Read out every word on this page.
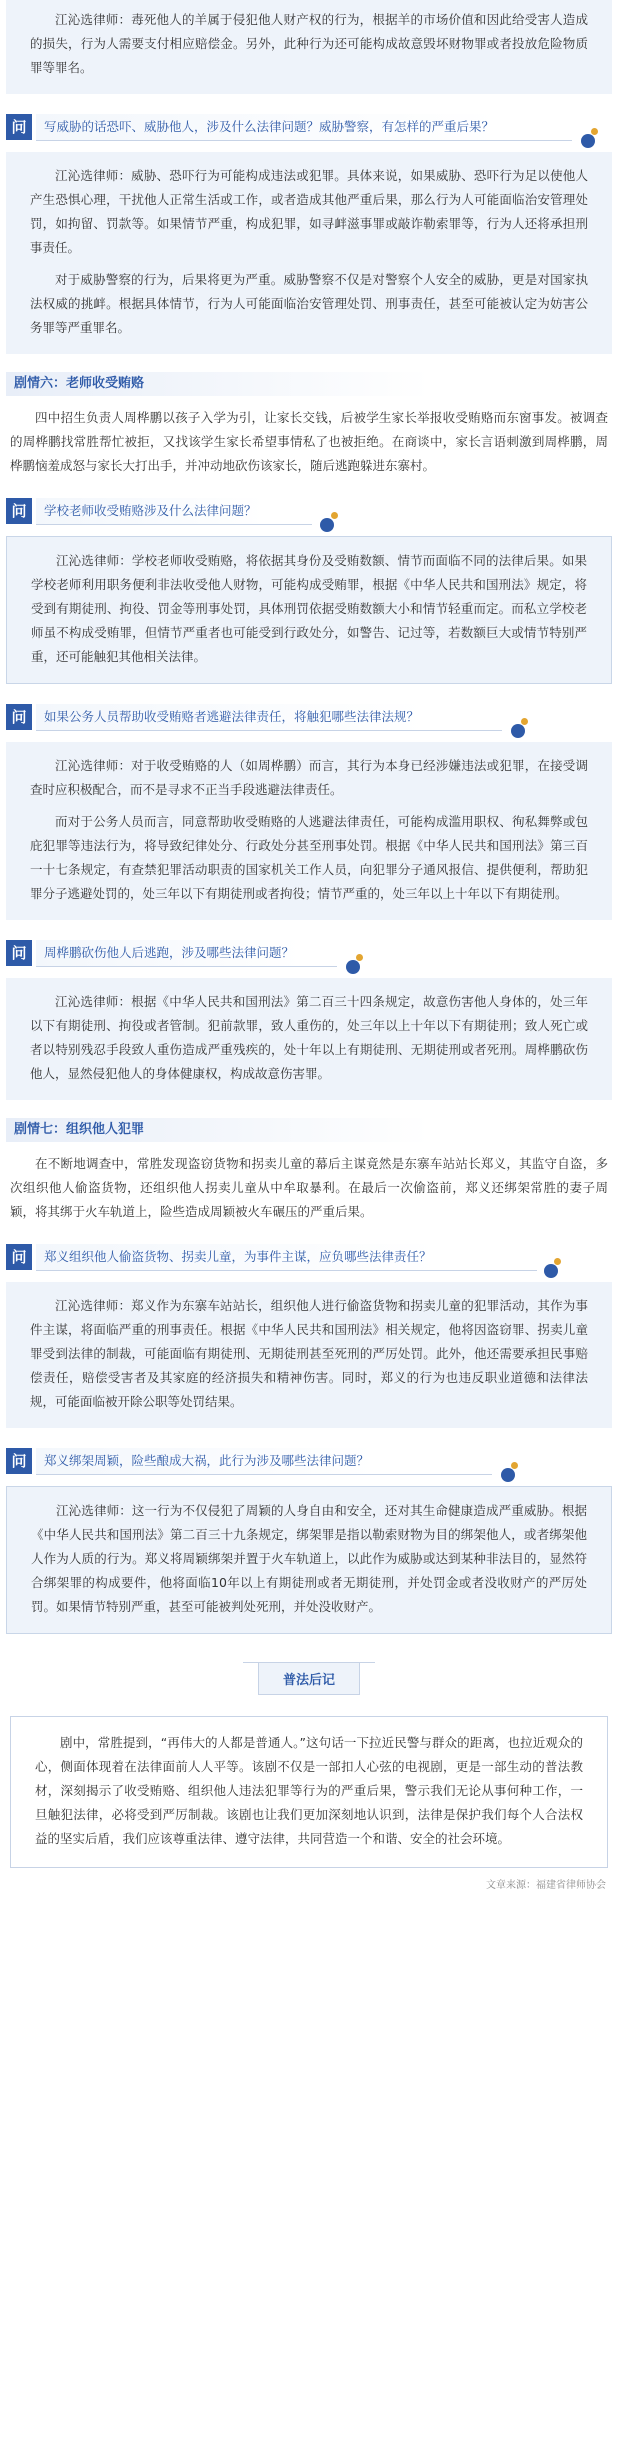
江沁选律师：毒死他人的羊属于侵犯他人财产权的行为，根据羊的市场价值和因此给受害人造成的损失，行为人需要支付相应赔偿金。另外，此种行为还可能构成故意毁坏财物罪或者投放危险物质罪等罪名。

问	写威胁的话恐吓、威胁他人，涉及什么法律问题？威胁警察，有怎样的严重后果？

江沁选律师：威胁、恐吓行为可能构成违法或犯罪。具体来说，如果威胁、恐吓行为足以使他人产生恐惧心理，干扰他人正常生活或工作，或者造成其他严重后果，那么行为人可能面临治安管理处罚，如拘留、罚款等。如果情节严重，构成犯罪，如寻衅滋事罪或敲诈勒索罪等，行为人还将承担刑事责任。

对于威胁警察的行为，后果将更为严重。威胁警察不仅是对警察个人安全的威胁，更是对国家执法权威的挑衅。根据具体情节，行为人可能面临治安管理处罚、刑事责任，甚至可能被认定为妨害公务罪等严重罪名。

剧情六：老师收受贿赂

四中招生负责人周桦鹏以孩子入学为引，让家长交钱，后被学生家长举报收受贿赂而东窗事发。被调查的周桦鹏找常胜帮忙被拒，又找该学生家长希望事情私了也被拒绝。在商谈中，家长言语刺激到周桦鹏，周桦鹏恼羞成怒与家长大打出手，并冲动地砍伤该家长，随后逃跑躲进东寨村。

问	学校老师收受贿赂涉及什么法律问题？

江沁选律师：学校老师收受贿赂，将依据其身份及受贿数额、情节而面临不同的法律后果。如果学校老师利用职务便利非法收受他人财物，可能构成受贿罪，根据《中华人民共和国刑法》规定，将受到有期徒刑、拘役、罚金等刑事处罚，具体刑罚依据受贿数额大小和情节轻重而定。而私立学校老师虽不构成受贿罪，但情节严重者也可能受到行政处分，如警告、记过等，若数额巨大或情节特别严重，还可能触犯其他相关法律。

问	如果公务人员帮助收受贿赂者逃避法律责任，将触犯哪些法律法规？

江沁选律师：对于收受贿赂的人（如周桦鹏）而言，其行为本身已经涉嫌违法或犯罪，在接受调查时应积极配合，而不是寻求不正当手段逃避法律责任。

而对于公务人员而言，同意帮助收受贿赂的人逃避法律责任，可能构成滥用职权、徇私舞弊或包庇犯罪等违法行为，将导致纪律处分、行政处分甚至刑事处罚。根据《中华人民共和国刑法》第三百一十七条规定，有查禁犯罪活动职责的国家机关工作人员，向犯罪分子通风报信、提供便利，帮助犯罪分子逃避处罚的，处三年以下有期徒刑或者拘役；情节严重的，处三年以上十年以下有期徒刑。

问	周桦鹏砍伤他人后逃跑，涉及哪些法律问题？

江沁选律师：根据《中华人民共和国刑法》第二百三十四条规定，故意伤害他人身体的，处三年以下有期徒刑、拘役或者管制。犯前款罪，致人重伤的，处三年以上十年以下有期徒刑；致人死亡或者以特别残忍手段致人重伤造成严重残疾的，处十年以上有期徒刑、无期徒刑或者死刑。周桦鹏砍伤他人，显然侵犯他人的身体健康权，构成故意伤害罪。

剧情七：组织他人犯罪

在不断地调查中，常胜发现盗窃货物和拐卖儿童的幕后主谋竟然是东寨车站站长郑义，其监守自盗，多次组织他人偷盗货物，还组织他人拐卖儿童从中牟取暴利。在最后一次偷盗前，郑义还绑架常胜的妻子周颖，将其绑于火车轨道上，险些造成周颖被火车碾压的严重后果。

问	郑义组织他人偷盗货物、拐卖儿童，为事件主谋，应负哪些法律责任？

江沁选律师：郑义作为东寨车站站长，组织他人进行偷盗货物和拐卖儿童的犯罪活动，其作为事件主谋，将面临严重的刑事责任。根据《中华人民共和国刑法》相关规定，他将因盗窃罪、拐卖儿童罪受到法律的制裁，可能面临有期徒刑、无期徒刑甚至死刑的严厉处罚。此外，他还需要承担民事赔偿责任，赔偿受害者及其家庭的经济损失和精神伤害。同时，郑义的行为也违反职业道德和法律法规，可能面临被开除公职等处罚结果。

问	郑义绑架周颖，险些酿成大祸，此行为涉及哪些法律问题？

江沁选律师：这一行为不仅侵犯了周颖的人身自由和安全，还对其生命健康造成严重威胁。根据《中华人民共和国刑法》第二百三十九条规定，绑架罪是指以勒索财物为目的绑架他人，或者绑架他人作为人质的行为。郑义将周颖绑架并置于火车轨道上，以此作为威胁或达到某种非法目的，显然符合绑架罪的构成要件，他将面临10年以上有期徒刑或者无期徒刑，并处罚金或者没收财产的严厉处罚。如果情节特别严重，甚至可能被判处死刑，并处没收财产。

普法后记

剧中，常胜提到，“再伟大的人都是普通人。”这句话一下拉近民警与群众的距离，也拉近观众的心，侧面体现着在法律面前人人平等。该剧不仅是一部扣人心弦的电视剧，更是一部生动的普法教材，深刻揭示了收受贿赂、组织他人违法犯罪等行为的严重后果，警示我们无论从事何种工作，一旦触犯法律，必将受到严厉制裁。该剧也让我们更加深刻地认识到，法律是保护我们每个人合法权益的坚实后盾，我们应该尊重法律、遵守法律，共同营造一个和谐、安全的社会环境。

文章来源：福建省律师协会
